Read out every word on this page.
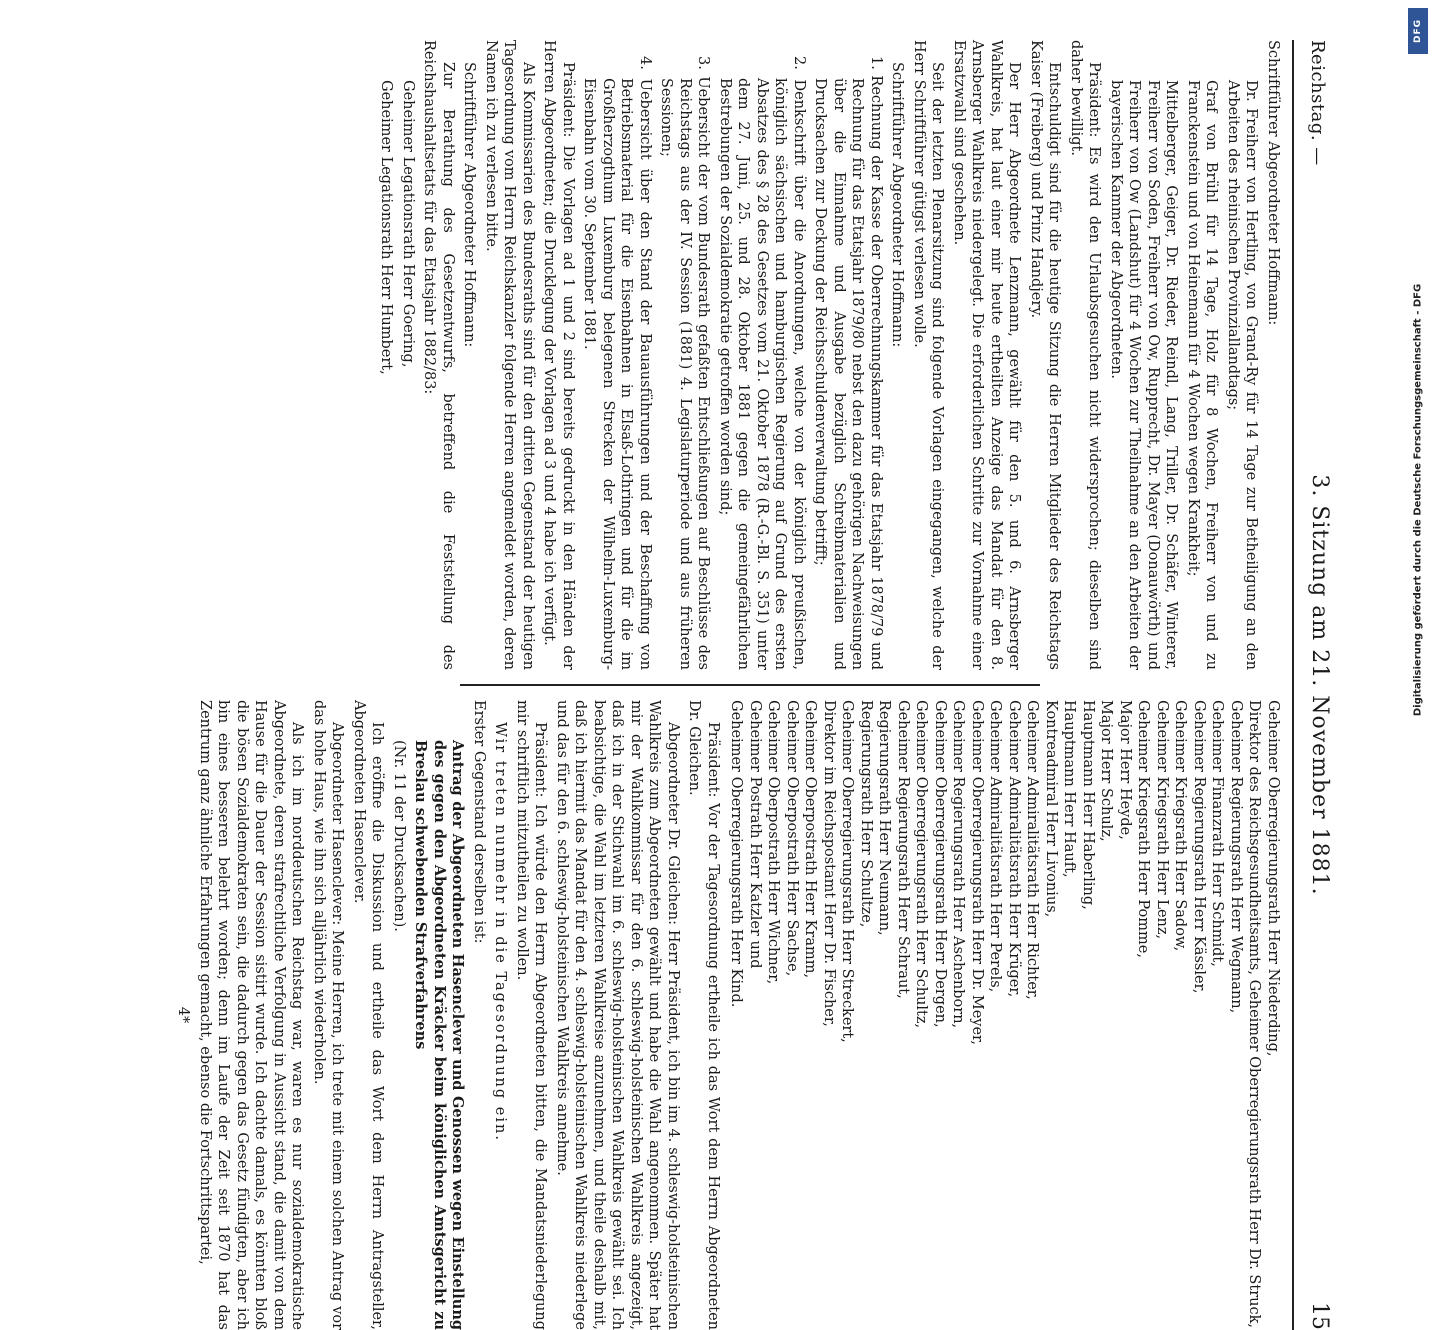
Reichstag. —
3. Sitzung am 21. November 1881.
15

Schriftführer Abgeordneter Hoffmann:

Dr. Freiherr von Hertling, von Grand-Ry für 14 Tage zur Betheiligung an den Arbeiten des rheinischen Provinziallandtags;

Graf von Brühl für 14 Tage, Holz für 8 Wochen, Freiherr von und zu Franckenstein und von Heinemann für 4 Wochen wegen Krankheit;

Mittelberger, Geiger, Dr. Rieder, Reindl, Lang, Triller, Dr. Schäfer, Winterer, Freiherr von Soden, Freiherr von Ow, Rupprecht, Dr. Mayer (Donauwörth) und Freiherr von Ow (Landshut) für 4 Wochen zur Theilnahme an den Arbeiten der bayerischen Kammer der Abgeordneten.

Präsident: Es wird den Urlaubsgesuchen nicht widersprochen; dieselben sind daher bewilligt.

Entschuldigt sind für die heutige Sitzung die Herren Mitglieder des Reichstags Kaiser (Freiberg) und Prinz Handjery.

Der Herr Abgeordnete Lenzmann, gewählt für den 5. und 6. Arnsberger Wahlkreis, hat laut einer mir heute ertheilten Anzeige das Mandat für den 8. Arnsberger Wahlkreis niedergelegt. Die erforderlichen Schritte zur Vornahme einer Ersatzwahl sind geschehen.

Seit der letzten Plenarsitzung sind folgende Vorlagen eingegangen, welche der Herr Schriftführer gütigst verlesen wolle.

Schriftführer Abgeordneter Hoffmann:

1. Rechnung der Kasse der Oberrechnungskammer für das Etatsjahr 1878/79 und Rechnung für das Etatsjahr 1879/80 nebst den dazu gehörigen Nachweisungen über die Einnahme und Ausgabe bezüglich Schreibmaterialien und Drucksachen zur Deckung der Reichsschuldenverwaltung betrifft;

2. Denkschrift über die Anordnungen, welche von der königlich preußischen, königlich sächsischen und hamburgischen Regierung auf Grund des ersten Absatzes des § 28 des Gesetzes vom 21. Oktober 1878 (R.-G.-Bl. S. 351) unter dem 27. Juni, 25. und 28. Oktober 1881 gegen die gemeingefährlichen Bestrebungen der Sozialdemokratie getroffen worden sind;

3. Uebersicht der vom Bundesrath gefaßten Entschließungen auf Beschlüsse des Reichstags aus der IV. Session (1881) 4. Legislaturperiode und aus früheren Sessionen;

4. Uebersicht über den Stand der Bauausführungen und der Beschaffung von Betriebsmaterial für die Eisenbahnen in Elsaß-Lothringen und für die im Großherzogthum Luxemburg belegenen Strecken der Wilhelm-Luxemburg-Eisenbahn vom 30. September 1881.

Präsident: Die Vorlagen ad 1 und 2 sind bereits gedruckt in den Händen der Herren Abgeordneten; die Drucklegung der Vorlagen ad 3 und 4 habe ich verfügt.

Als Kommissarien des Bundesraths sind für den dritten Gegenstand der heutigen Tagesordnung vom Herrn Reichskanzler folgende Herren angemeldet worden, deren Namen ich zu verlesen bitte.

Schriftführer Abgeordneter Hoffmann:

Zur Berathung des Gesetzentwurfs, betreffend die Feststellung des Reichshaushaltsetats für das Etatsjahr 1882/83:

Geheimer Legationsrath Herr Goering,

Geheimer Legationsrath Herr Humbert,

Geheimer Oberregierungsrath Herr Niederding,

Direktor des Reichsgesundheitsamts, Geheimer Oberregierungsrath Herr Dr. Struck,

Geheimer Regierungsrath Herr Wegmann,

Geheimer Finanzrath Herr Schmidt,

Geheimer Regierungsrath Herr Kässler,

Geheimer Kriegsrath Herr Sadow,

Geheimer Kriegsrath Herr Lenz,

Geheimer Kriegsrath Herr Pomme,

Major Herr Heyde,

Major Herr Schulz,

Hauptmann Herr Haberling,

Hauptmann Herr Hauft,

Kontreadmiral Herr Livonius,

Geheimer Admiralitätsrath Herr Richter,

Geheimer Admiralitätsrath Herr Krüger,

Geheimer Admiralitätsrath Herr Perels,

Geheimer Oberregierungsrath Herr Dr. Meyer,

Geheimer Regierungsrath Herr Aschenborn,

Geheimer Oberregierungsrath Herr Dergen,

Geheimer Oberregierungsrath Herr Schultz,

Geheimer Regierungsrath Herr Schraut,

Regierungsrath Herr Neumann,

Regierungsrath Herr Schultze,

Geheimer Oberregierungsrath Herr Streckert,

Direktor im Reichspostamt Herr Dr. Fischer,

Geheimer Oberpostrath Herr Kramm,

Geheimer Oberpostrath Herr Sachse,

Geheimer Oberpostrath Herr Wichner,

Geheimer Postrath Herr Katzler und

Geheimer Oberregierungsrath Herr Kind.

Präsident: Vor der Tagesordnung ertheile ich das Wort dem Herrn Abgeordneten Dr. Gleichen.

Abgeordneter Dr. Gleichen: Herr Präsident, ich bin im 4. schleswig-holsteinischen Wahlkreis zum Abgeordneten gewählt und habe die Wahl angenommen. Später hat mir der Wahlkommissar für den 6. schleswig-holsteinischen Wahlkreis angezeigt, daß ich in der Stichwahl im 6. schleswig-holsteinischen Wahlkreis gewählt sei. Ich beabsichtige, die Wahl im letzteren Wahlkreise anzunehmen, und theile deshalb mit, daß ich hiermit das Mandat für den 4. schleswig-holsteinischen Wahlkreis niederlege und das für den 6. schleswig-holsteinischen Wahlkreis annehme.

Präsident: Ich würde den Herrn Abgeordneten bitten, die Mandatsniederlegung mir schriftlich mitzutheilen zu wollen.

Wir treten nunmehr in die Tagesordnung ein.

Erster Gegenstand derselben ist:

Antrag der Abgeordneten Hasenclever und Genossen wegen Einstellung des gegen den Abgeordneten Kräcker beim königlichen Amtsgericht zu Breslau schwebenden Strafverfahrens

(Nr. 11 der Drucksachen).

Ich eröffne die Diskussion und ertheile das Wort dem Herrn Antragsteller, Abgeordneten Hasenclever.

Abgeordneter Hasenclever: Meine Herren, ich trete mit einem solchen Antrag vor das hohe Haus, wie ihn sich alljährlich wiederholen.

Als ich im norddeutschen Reichstag war, waren es nur sozialdemokratische Abgeordnete, deren strafrechtliche Verfolgung in Aussicht stand, die damit von dem Hause für die Dauer der Session sistirt wurde. Ich dachte damals, es könnten bloß die bösen Sozialdemokraten sein, die dadurch gegen das Gesetz fündigten, aber ich bin eines besseren belehrt worden; denn im Laufe der Zeit seit 1870 hat das Zentrum ganz ähnliche Erfahrungen gemacht, ebenso die Fortschrittspartei,

4*

Digitalisierung gefördert durch die Deutsche Forschungsgemeinschaft - DFG
DFG
